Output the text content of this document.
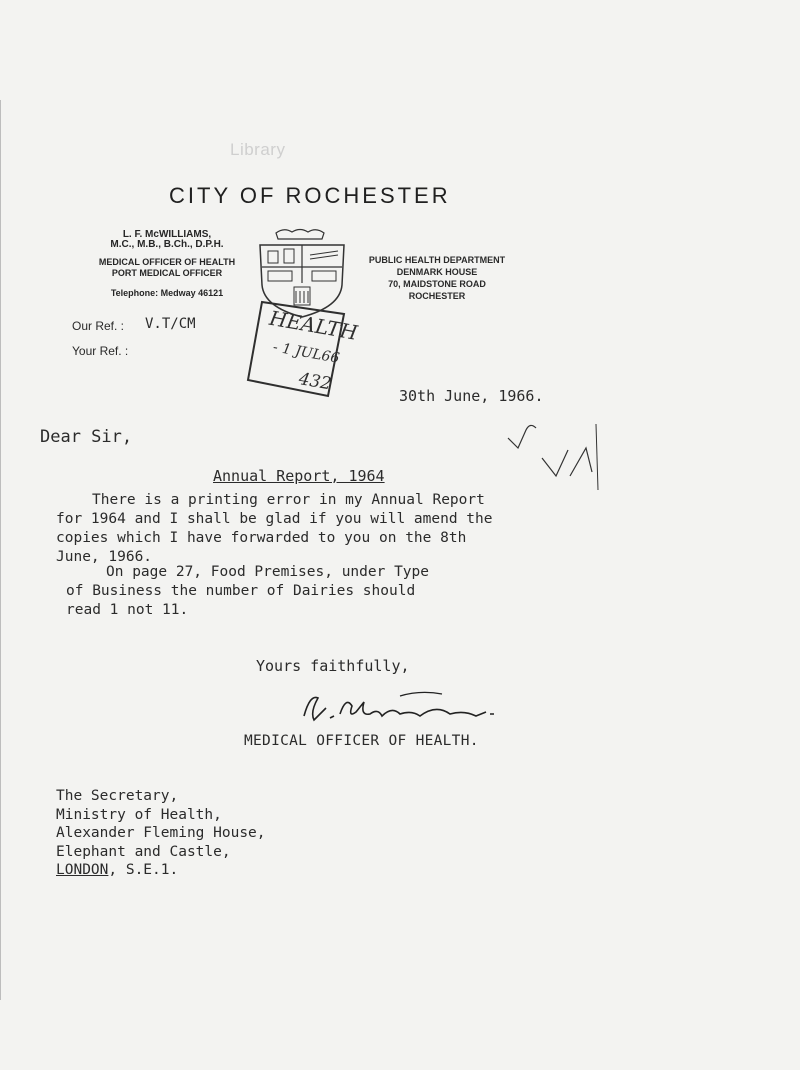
Library
CITY OF ROCHESTER
L. F. McWILLIAMS,
M.C., M.B., B.Ch., D.P.H.
MEDICAL OFFICER OF HEALTH
PORT MEDICAL OFFICER
Telephone: Medway 46121
Our Ref. : V.T/CM
Your Ref. :
HEALTH
- 1 JUL66
432
PUBLIC HEALTH DEPARTMENT
DENMARK HOUSE
70, MAIDSTONE ROAD
ROCHESTER
30th June, 1966.
Dear Sir,
Annual Report, 1964
There is a printing error in my Annual Report
for 1964 and I shall be glad if you will amend the
copies which I have forwarded to you on the 8th
June, 1966.
On page 27, Food Premises, under Type
of Business the number of Dairies should
read 1 not 11.
Yours faithfully,
MEDICAL OFFICER OF HEALTH.
The Secretary,
Ministry of Health,
Alexander Fleming House,
Elephant and Castle,
LONDON, S.E.1.
